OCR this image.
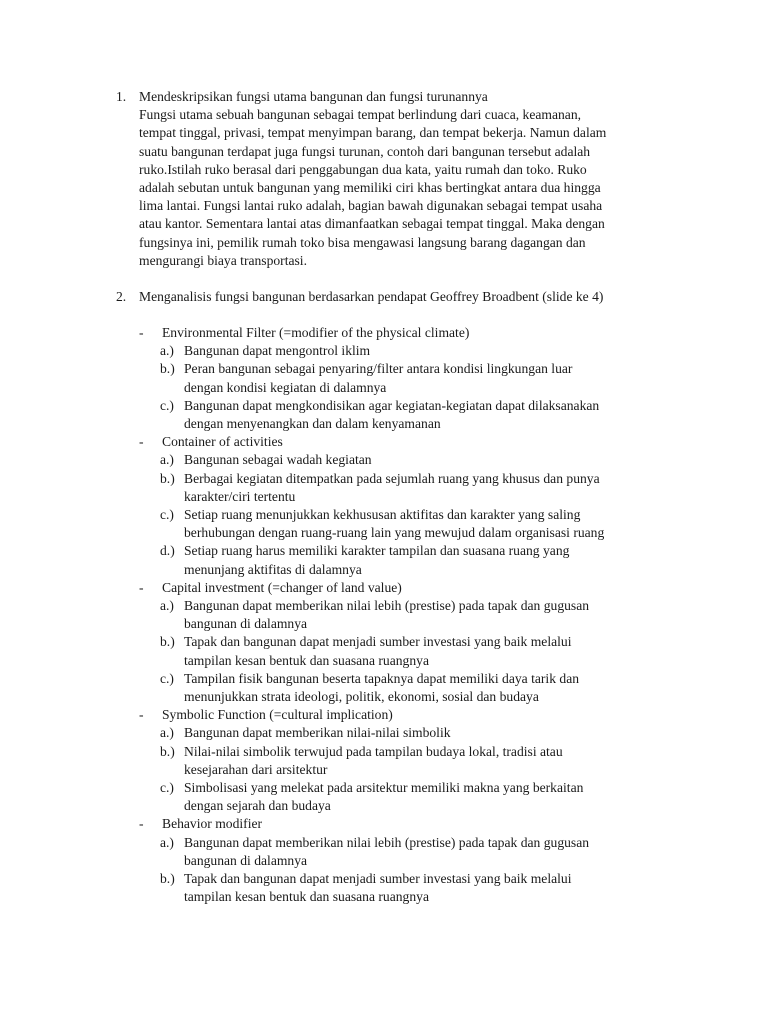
1. Mendeskripsikan fungsi utama bangunan dan fungsi turunannya
Fungsi utama sebuah bangunan sebagai tempat berlindung dari cuaca, keamanan,
tempat tinggal, privasi, tempat menyimpan barang, dan tempat bekerja. Namun dalam
suatu bangunan terdapat juga fungsi turunan, contoh dari bangunan tersebut adalah
ruko.Istilah ruko berasal dari penggabungan dua kata, yaitu rumah dan toko. Ruko
adalah sebutan untuk bangunan yang memiliki ciri khas bertingkat antara dua hingga
lima lantai. Fungsi lantai ruko adalah, bagian bawah digunakan sebagai tempat usaha
atau kantor. Sementara lantai atas dimanfaatkan sebagai tempat tinggal. Maka dengan
fungsinya ini, pemilik rumah toko bisa mengawasi langsung barang dagangan dan
mengurangi biaya transportasi.
2. Menganalisis fungsi bangunan berdasarkan pendapat Geoffrey Broadbent (slide ke 4)
- Environmental Filter (=modifier of the physical climate)
a.) Bangunan dapat mengontrol iklim
b.) Peran bangunan sebagai penyaring/filter antara kondisi lingkungan luar
dengan kondisi kegiatan di dalamnya
c.) Bangunan dapat mengkondisikan agar kegiatan-kegiatan dapat dilaksanakan
dengan menyenangkan dan dalam kenyamanan
- Container of activities
a.) Bangunan sebagai wadah kegiatan
b.) Berbagai kegiatan ditempatkan pada sejumlah ruang yang khusus dan punya
karakter/ciri tertentu
c.) Setiap ruang menunjukkan kekhususan aktifitas dan karakter yang saling
berhubungan dengan ruang-ruang lain yang mewujud dalam organisasi ruang
d.) Setiap ruang harus memiliki karakter tampilan dan suasana ruang yang
menunjang aktifitas di dalamnya
- Capital investment (=changer of land value)
a.) Bangunan dapat memberikan nilai lebih (prestise) pada tapak dan gugusan
bangunan di dalamnya
b.) Tapak dan bangunan dapat menjadi sumber investasi yang baik melalui
tampilan kesan bentuk dan suasana ruangnya
c.) Tampilan fisik bangunan beserta tapaknya dapat memiliki daya tarik dan
menunjukkan strata ideologi, politik, ekonomi, sosial dan budaya
- Symbolic Function (=cultural implication)
a.) Bangunan dapat memberikan nilai-nilai simbolik
b.) Nilai-nilai simbolik terwujud pada tampilan budaya lokal, tradisi atau
kesejarahan dari arsitektur
c.) Simbolisasi yang melekat pada arsitektur memiliki makna yang berkaitan
dengan sejarah dan budaya
- Behavior modifier
a.) Bangunan dapat memberikan nilai lebih (prestise) pada tapak dan gugusan
bangunan di dalamnya
b.) Tapak dan bangunan dapat menjadi sumber investasi yang baik melalui
tampilan kesan bentuk dan suasana ruangnya
